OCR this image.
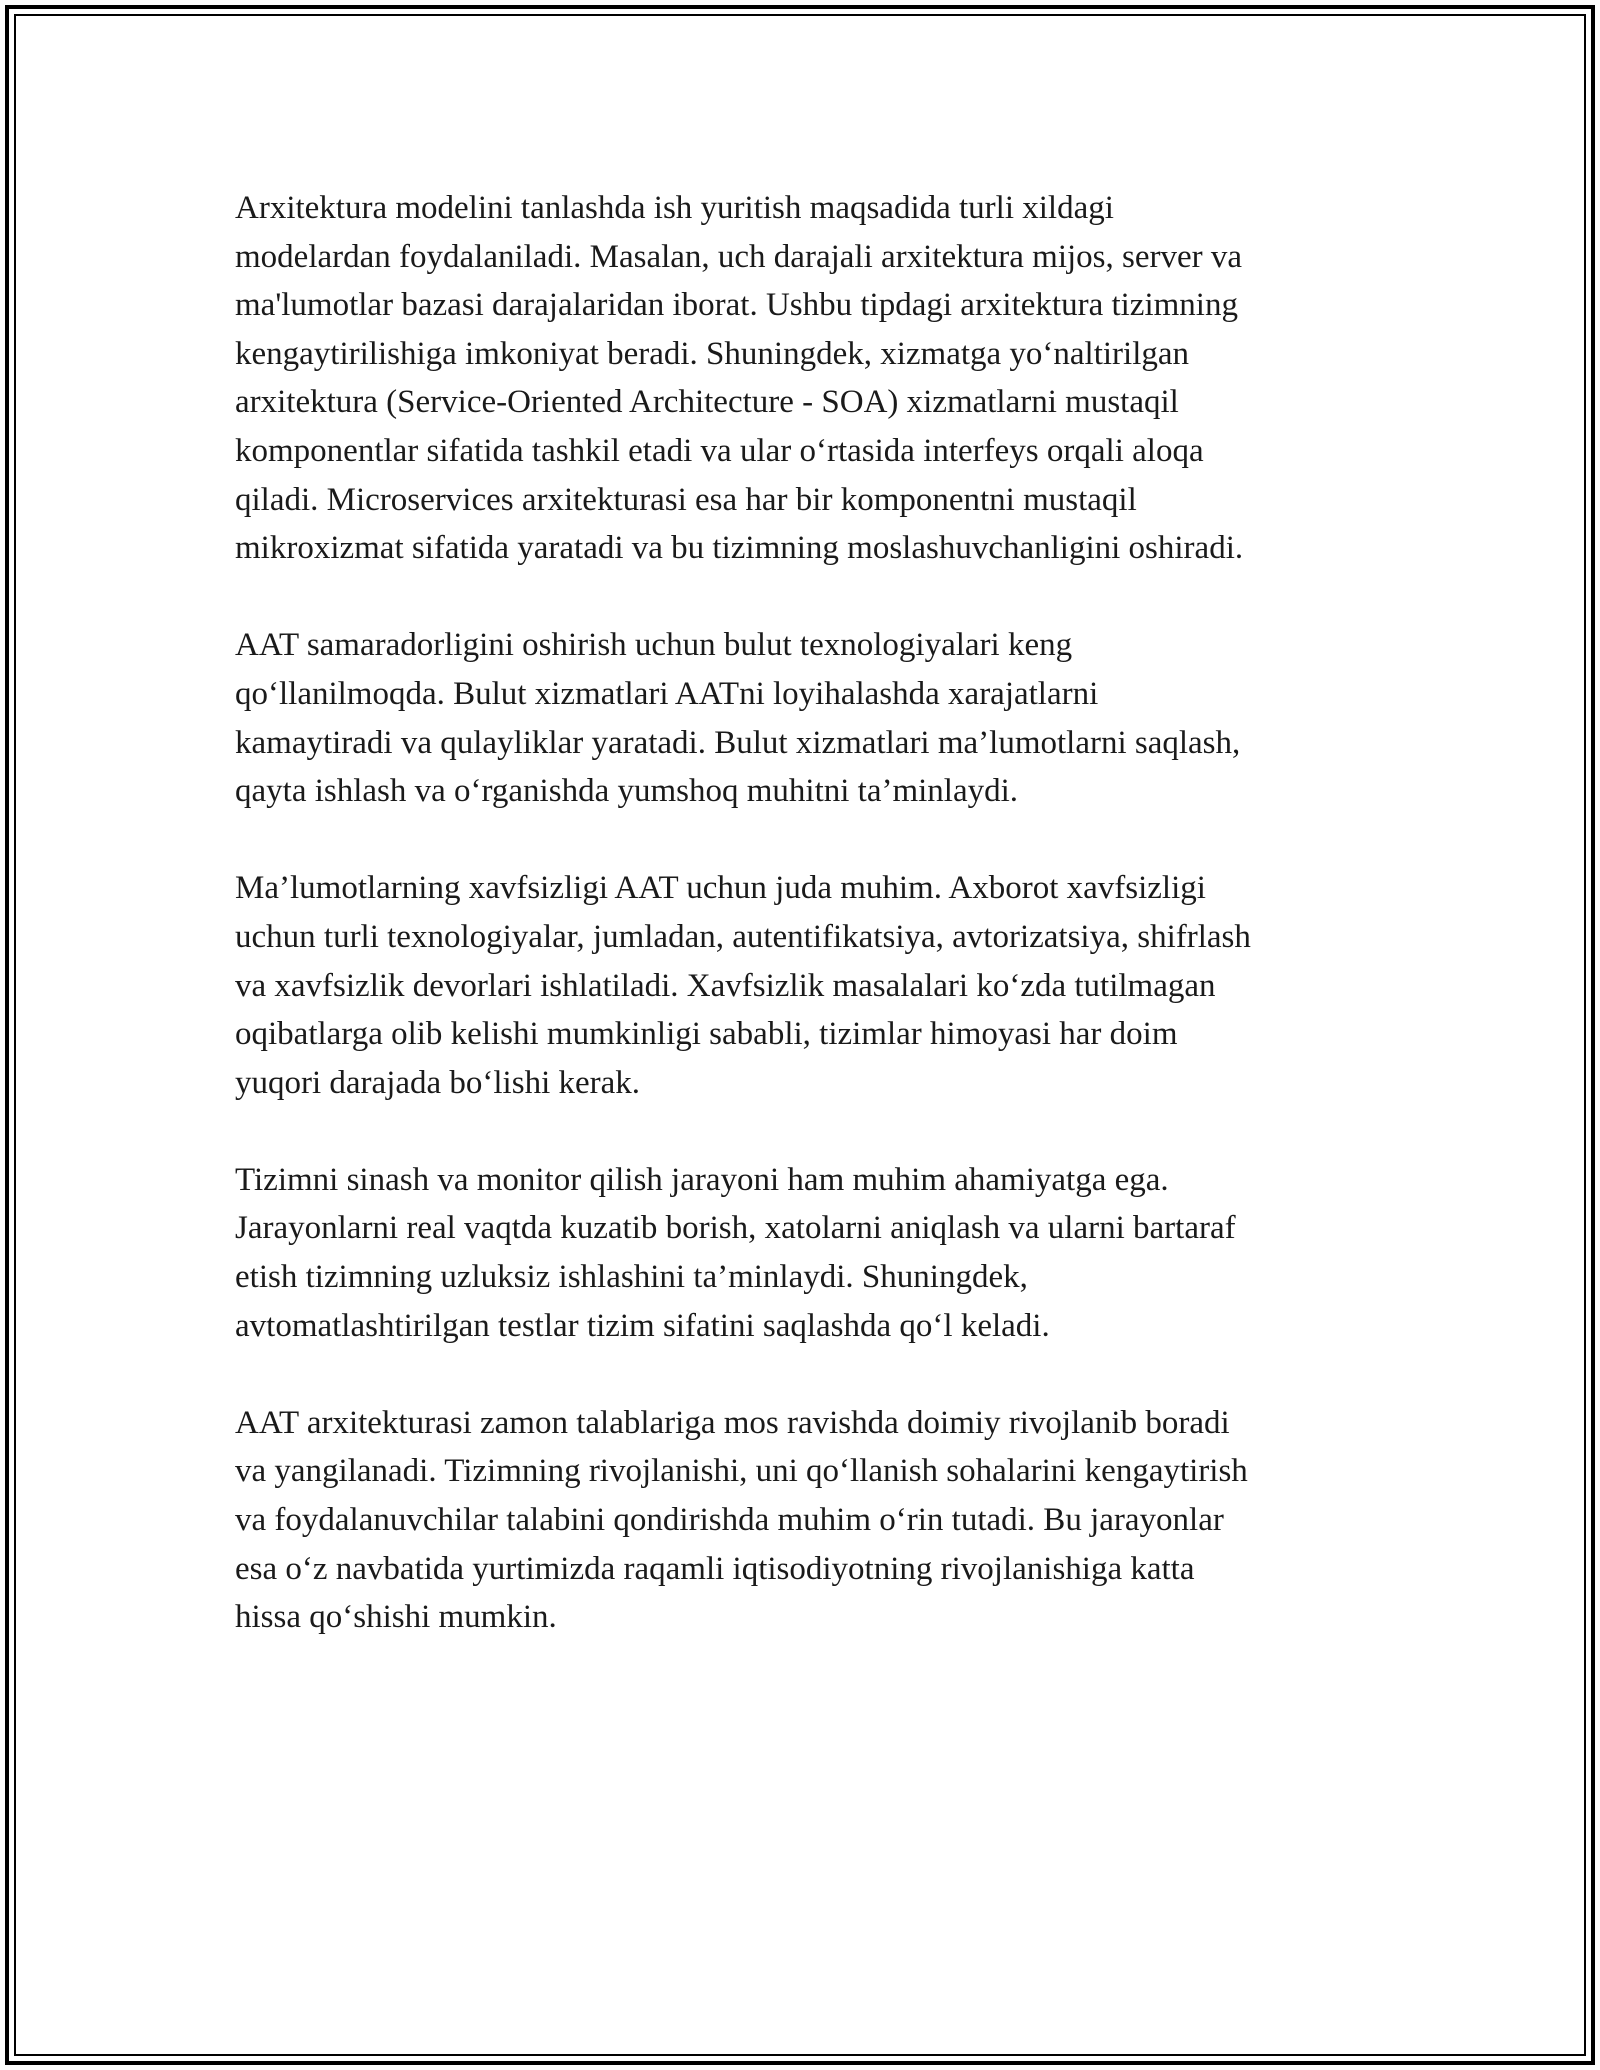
Arxitektura modelini tanlashda ish yuritish maqsadida turli xildagi
modelardan foydalaniladi. Masalan, uch darajali arxitektura mijos, server va
ma'lumotlar bazasi darajalaridan iborat. Ushbu tipdagi arxitektura tizimning
kengaytirilishiga imkoniyat beradi. Shuningdek, xizmatga yo‘naltirilgan
arxitektura (Service-Oriented Architecture - SOA) xizmatlarni mustaqil
komponentlar sifatida tashkil etadi va ular o‘rtasida interfeys orqali aloqa
qiladi. Microservices arxitekturasi esa har bir komponentni mustaqil
mikroxizmat sifatida yaratadi va bu tizimning moslashuvchanligini oshiradi.

AAT samaradorligini oshirish uchun bulut texnologiyalari keng
qo‘llanilmoqda. Bulut xizmatlari AATni loyihalashda xarajatlarni
kamaytiradi va qulayliklar yaratadi. Bulut xizmatlari ma’lumotlarni saqlash,
qayta ishlash va o‘rganishda yumshoq muhitni ta’minlaydi.

Ma’lumotlarning xavfsizligi AAT uchun juda muhim. Axborot xavfsizligi
uchun turli texnologiyalar, jumladan, autentifikatsiya, avtorizatsiya, shifrlash
va xavfsizlik devorlari ishlatiladi. Xavfsizlik masalalari ko‘zda tutilmagan
oqibatlarga olib kelishi mumkinligi sababli, tizimlar himoyasi har doim
yuqori darajada bo‘lishi kerak.

Tizimni sinash va monitor qilish jarayoni ham muhim ahamiyatga ega.
Jarayonlarni real vaqtda kuzatib borish, xatolarni aniqlash va ularni bartaraf
etish tizimning uzluksiz ishlashini ta’minlaydi. Shuningdek,
avtomatlashtirilgan testlar tizim sifatini saqlashda qo‘l keladi.

AAT arxitekturasi zamon talablariga mos ravishda doimiy rivojlanib boradi
va yangilanadi. Tizimning rivojlanishi, uni qo‘llanish sohalarini kengaytirish
va foydalanuvchilar talabini qondirishda muhim o‘rin tutadi. Bu jarayonlar
esa o‘z navbatida yurtimizda raqamli iqtisodiyotning rivojlanishiga katta
hissa qo‘shishi mumkin.
